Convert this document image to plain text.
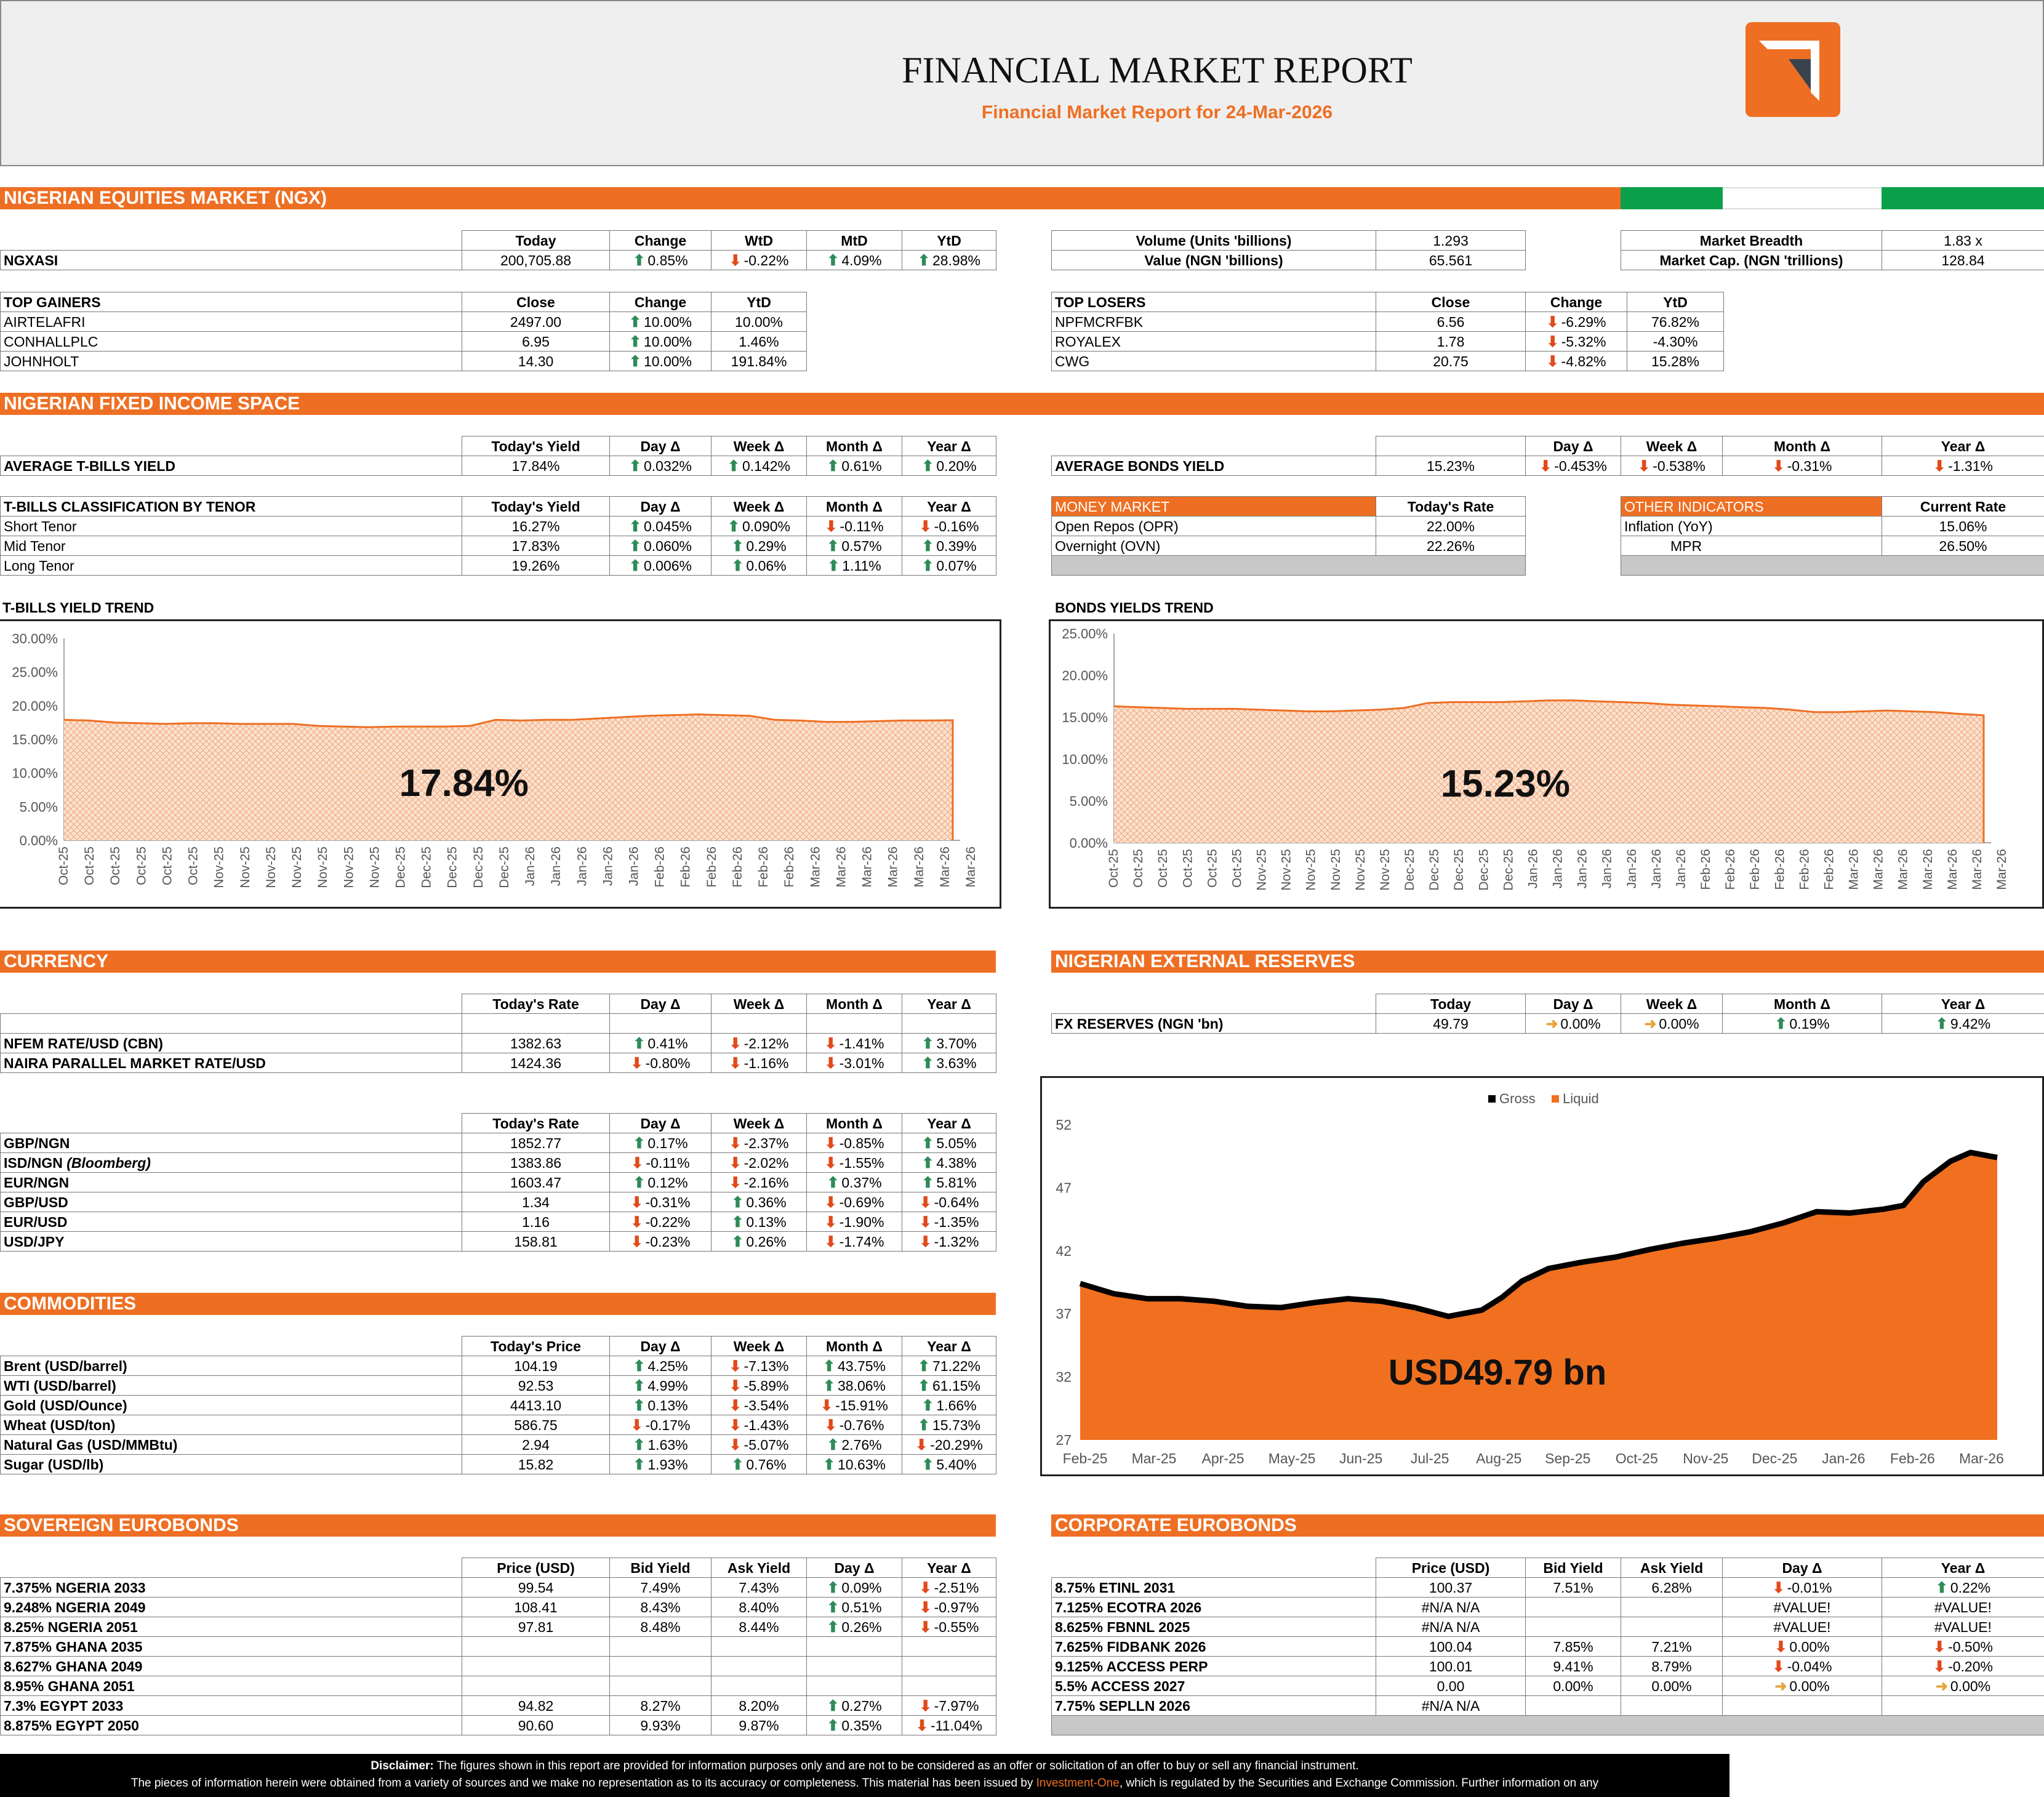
FINANCIAL MARKET REPORT
Financial Market Report for 24-Mar-2026
NIGERIAN EQUITIES MARKET (NGX)
	Today	Change	WtD	MtD	YtD
NGXASI	200,705.88	⬆ 0.85%	⬇ -0.22%	⬆ 4.09%	⬆ 28.98%
Volume (Units 'billions)	1.293
Value (NGN 'billions)	65.561
Market Breadth	1.83 x
Market Cap. (NGN 'trillions)	128.84
TOP GAINERS	Close	Change	YtD
AIRTELAFRI	2497.00	⬆ 10.00%	10.00%
CONHALLPLC	6.95	⬆ 10.00%	1.46%
JOHNHOLT	14.30	⬆ 10.00%	191.84%
TOP LOSERS	Close	Change	YtD
NPFMCRFBK	6.56	⬇ -6.29%	76.82%
ROYALEX	1.78	⬇ -5.32%	-4.30%
CWG	20.75	⬇ -4.82%	15.28%
NIGERIAN FIXED INCOME SPACE
	Today's Yield	Day Δ	Week Δ	Month Δ	Year Δ
AVERAGE T-BILLS YIELD	17.84%	⬆ 0.032%	⬆ 0.142%	⬆ 0.61%	⬆ 0.20%
		Day Δ	Week Δ	Month Δ	Year Δ
AVERAGE BONDS YIELD	15.23%	⬇ -0.453%	⬇ -0.538%	⬇ -0.31%	⬇ -1.31%
T-BILLS CLASSIFICATION BY TENOR	Today's Yield	Day Δ	Week Δ	Month Δ	Year Δ
Short Tenor	16.27%	⬆ 0.045%	⬆ 0.090%	⬇ -0.11%	⬇ -0.16%
Mid Tenor	17.83%	⬆ 0.060%	⬆ 0.29%	⬆ 0.57%	⬆ 0.39%
Long Tenor	19.26%	⬆ 0.006%	⬆ 0.06%	⬆ 1.11%	⬆ 0.07%
MONEY MARKET	Today's Rate
Open Repos (OPR)	22.00%
Overnight (OVN)	22.26%

OTHER INDICATORS	Current Rate
Inflation (YoY)	15.06%
MPR	26.50%

T-BILLS YIELD TREND	BONDS YIELDS TREND
0.00%
5.00%
10.00%
15.00%
20.00%
25.00%
30.00%
Oct-25 Oct-25 Oct-25 Oct-25 Oct-25 Oct-25 Nov-25 Nov-25 Nov-25 Nov-25 Nov-25 Nov-25 Nov-25 Dec-25 Dec-25 Dec-25 Dec-25 Dec-25 Jan-26 Jan-26 Jan-26 Jan-26 Jan-26 Feb-26 Feb-26 Feb-26 Feb-26 Feb-26 Feb-26 Mar-26 Mar-26 Mar-26 Mar-26 Mar-26 Mar-26 Mar-26
17.84%
0.00%
5.00%
10.00%
15.00%
20.00%
25.00%
Oct-25 Oct-25 Oct-25 Oct-25 Oct-25 Oct-25 Nov-25 Nov-25 Nov-25 Nov-25 Nov-25 Nov-25 Dec-25 Dec-25 Dec-25 Dec-25 Dec-25 Jan-26 Jan-26 Jan-26 Jan-26 Jan-26 Jan-26 Jan-26 Feb-26 Feb-26 Feb-26 Feb-26 Feb-26 Feb-26 Mar-26 Mar-26 Mar-26 Mar-26 Mar-26 Mar-26 Mar-26
15.23%
CURRENCY	NIGERIAN EXTERNAL RESERVES
	Today's Rate	Day Δ	Week Δ	Month Δ	Year Δ

NFEM RATE/USD (CBN)	1382.63	⬆ 0.41%	⬇ -2.12%	⬇ -1.41%	⬆ 3.70%
NAIRA PARALLEL MARKET RATE/USD	1424.36	⬇ -0.80%	⬇ -1.16%	⬇ -3.01%	⬆ 3.63%
	Today	Day Δ	Week Δ	Month Δ	Year Δ
FX RESERVES (NGN 'bn)	49.79	➜ 0.00%	➜ 0.00%	⬆ 0.19%	⬆ 9.42%
	Today's Rate	Day Δ	Week Δ	Month Δ	Year Δ
GBP/NGN	1852.77	⬆ 0.17%	⬇ -2.37%	⬇ -0.85%	⬆ 5.05%
ISD/NGN (Bloomberg)	1383.86	⬇ -0.11%	⬇ -2.02%	⬇ -1.55%	⬆ 4.38%
EUR/NGN	1603.47	⬆ 0.12%	⬇ -2.16%	⬆ 0.37%	⬆ 5.81%
GBP/USD	1.34	⬇ -0.31%	⬆ 0.36%	⬇ -0.69%	⬇ -0.64%
EUR/USD	1.16	⬇ -0.22%	⬆ 0.13%	⬇ -1.90%	⬇ -1.35%
USD/JPY	158.81	⬇ -0.23%	⬆ 0.26%	⬇ -1.74%	⬇ -1.32%
27
32
37
42
47
52
Feb-25 Mar-25 Apr-25 May-25 Jun-25 Jul-25 Aug-25 Sep-25 Oct-25 Nov-25 Dec-25 Jan-26 Feb-26 Mar-26
Gross Liquid
USD49.79 bn
COMMODITIES
	Today's Price	Day Δ	Week Δ	Month Δ	Year Δ
Brent (USD/barrel)	104.19	⬆ 4.25%	⬇ -7.13%	⬆ 43.75%	⬆ 71.22%
WTI (USD/barrel)	92.53	⬆ 4.99%	⬇ -5.89%	⬆ 38.06%	⬆ 61.15%
Gold (USD/Ounce)	4413.10	⬆ 0.13%	⬇ -3.54%	⬇ -15.91%	⬆ 1.66%
Wheat (USD/ton)	586.75	⬇ -0.17%	⬇ -1.43%	⬇ -0.76%	⬆ 15.73%
Natural Gas (USD/MMBtu)	2.94	⬆ 1.63%	⬇ -5.07%	⬆ 2.76%	⬇ -20.29%
Sugar (USD/lb)	15.82	⬆ 1.93%	⬆ 0.76%	⬆ 10.63%	⬆ 5.40%
SOVEREIGN EUROBONDS	CORPORATE EUROBONDS
	Price (USD)	Bid Yield	Ask Yield	Day Δ	Year Δ
7.375% NGERIA 2033	99.54	7.49%	7.43%	⬆ 0.09%	⬇ -2.51%
9.248% NGERIA 2049	108.41	8.43%	8.40%	⬆ 0.51%	⬇ -0.97%
8.25% NGERIA 2051	97.81	8.48%	8.44%	⬆ 0.26%	⬇ -0.55%
7.875% GHANA 2035					
8.627% GHANA 2049					
8.95% GHANA 2051					
7.3% EGYPT 2033	94.82	8.27%	8.20%	⬆ 0.27%	⬇ -7.97%
8.875% EGYPT 2050	90.60	9.93%	9.87%	⬆ 0.35%	⬇ -11.04%
	Price (USD)	Bid Yield	Ask Yield	Day Δ	Year Δ
8.75% ETINL 2031	100.37	7.51%	6.28%	⬇ -0.01%	⬆ 0.22%
7.125% ECOTRA 2026	#N/A N/A			#VALUE!	#VALUE!
8.625% FBNNL 2025	#N/A N/A			#VALUE!	#VALUE!
7.625% FIDBANK 2026	100.04	7.85%	7.21%	⬇ 0.00%	⬇ -0.50%
9.125% ACCESS PERP	100.01	9.41%	8.79%	⬇ -0.04%	⬇ -0.20%
5.5% ACCESS 2027	0.00	0.00%	0.00%	➜ 0.00%	➜ 0.00%
7.75% SEPLLN 2026	#N/A N/A				

Disclaimer: The figures shown in this report are provided for information purposes only and are not to be considered as an offer or solicitation of an offer to buy or sell any financial instrument.
The pieces of information herein were obtained from a variety of sources and we make no representation as to its accuracy or completeness. This material has been issued by Investment-One, which is regulated by the Securities and Exchange Commission. Further information on any
